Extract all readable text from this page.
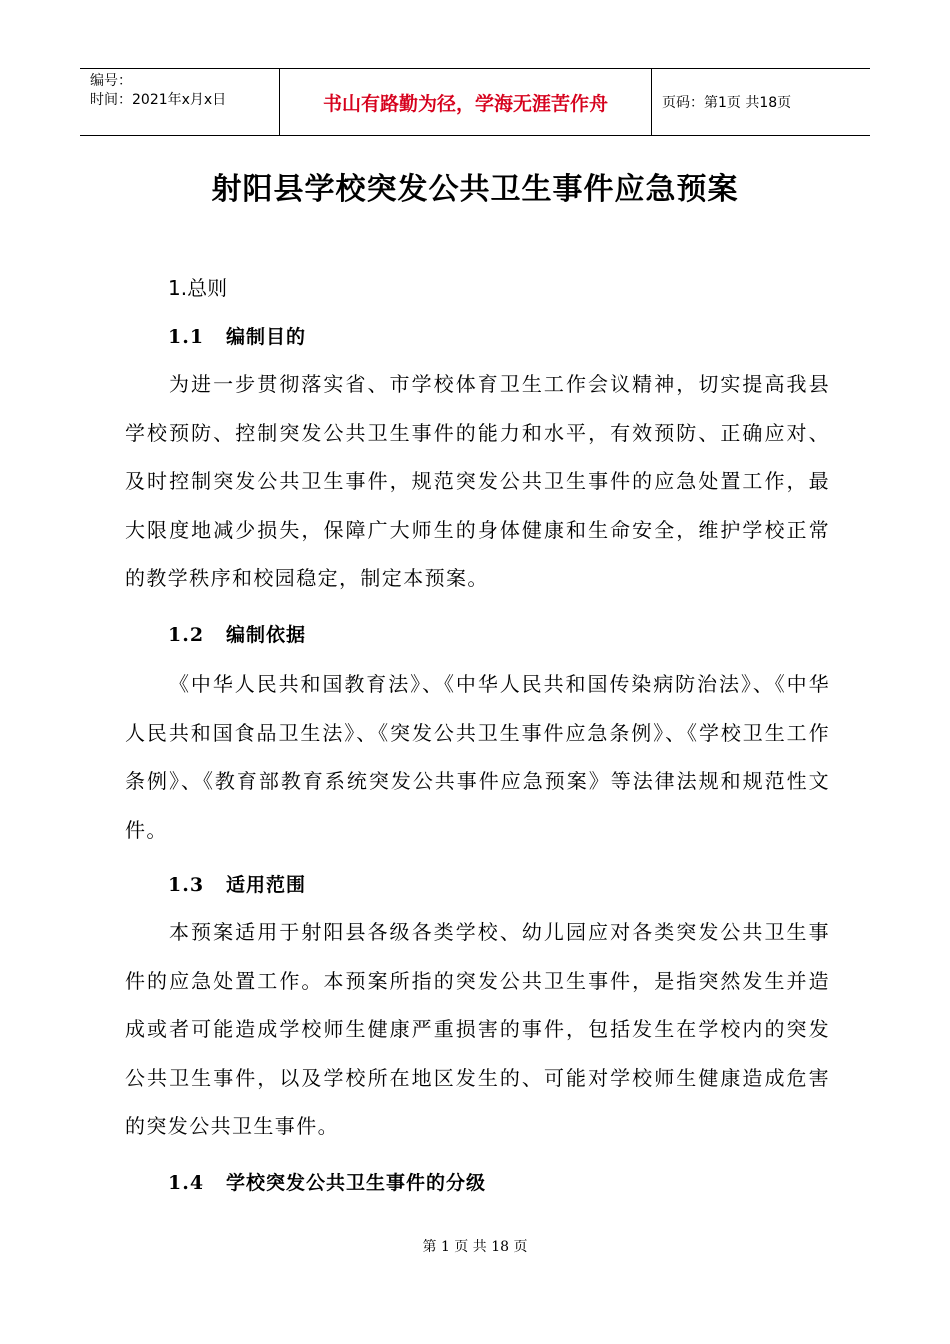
编号：
时间：2021年x月x日	书山有路勤为径，学海无涯苦作舟	页码：第1页 共18页
射阳县学校突发公共卫生事件应急预案
1.总则
1.1 编制目的
为进一步贯彻落实省、市学校体育卫生工作会议精神，切实提高我县学校预防、控制突发公共卫生事件的能力和水平，有效预防、正确应对、及时控制突发公共卫生事件，规范突发公共卫生事件的应急处置工作，最大限度地减少损失，保障广大师生的身体健康和生命安全，维护学校正常的教学秩序和校园稳定，制定本预案。
1.2 编制依据
《中华人民共和国教育法》、《中华人民共和国传染病防治法》、《中华人民共和国食品卫生法》、《突发公共卫生事件应急条例》、《学校卫生工作条例》、《教育部教育系统突发公共事件应急预案》等法律法规和规范性文件。
1.3 适用范围
本预案适用于射阳县各级各类学校、幼儿园应对各类突发公共卫生事件的应急处置工作。本预案所指的突发公共卫生事件，是指突然发生并造成或者可能造成学校师生健康严重损害的事件，包括发生在学校内的突发公共卫生事件，以及学校所在地区发生的、可能对学校师生健康造成危害的突发公共卫生事件。
1.4 学校突发公共卫生事件的分级
第 1 页 共 18 页
